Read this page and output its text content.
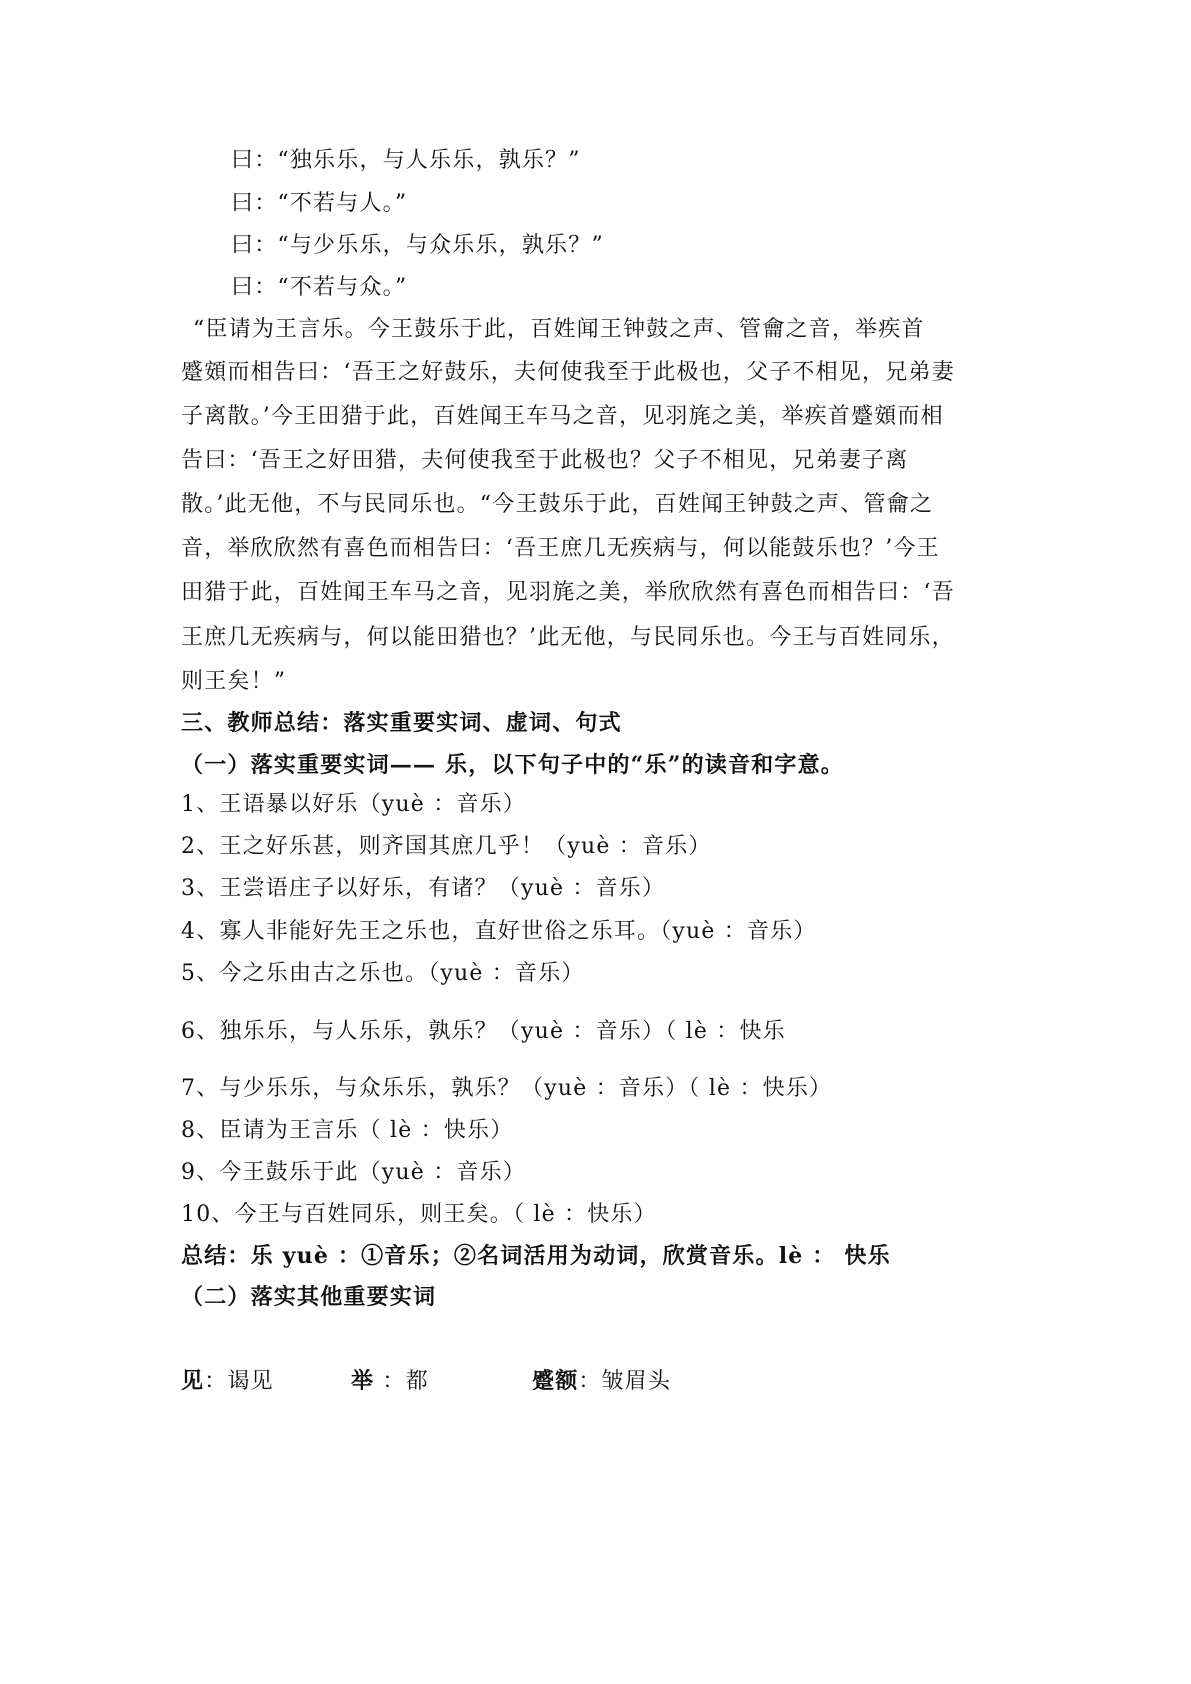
曰：“独乐乐，与人乐乐，孰乐？”
曰：“不若与人。”
曰：“与少乐乐，与众乐乐，孰乐？”
曰：“不若与众。”
“臣请为王言乐。今王鼓乐于此，百姓闻王钟鼓之声、管龠之音，举疾首
蹙頞而相告曰：‘吾王之好鼓乐，夫何使我至于此极也，父子不相见，兄弟妻
子离散。’今王田猎于此，百姓闻王车马之音，见羽旄之美，举疾首蹙頞而相
告曰：‘吾王之好田猎，夫何使我至于此极也？父子不相见，兄弟妻子离
散。’此无他，不与民同乐也。“今王鼓乐于此，百姓闻王钟鼓之声、管龠之
音，举欣欣然有喜色而相告曰：‘吾王庶几无疾病与，何以能鼓乐也？’今王
田猎于此，百姓闻王车马之音，见羽旄之美，举欣欣然有喜色而相告曰：‘吾
王庶几无疾病与，何以能田猎也？’此无他，与民同乐也。今王与百姓同乐，
则王矣！”
三、教师总结：落实重要实词、虚词、句式
（一）落实重要实词—— 乐，以下句子中的“乐”的读音和字意。
1、王语暴以好乐（yuè ：音乐）
2、王之好乐甚，则齐国其庶几乎！（yuè ：音乐）
3、王尝语庄子以好乐，有诸？（yuè ：音乐）
4、寡人非能好先王之乐也，直好世俗之乐耳。（yuè ：音乐）
5、今之乐由古之乐也。（yuè ：音乐）
6、独乐乐，与人乐乐，孰乐？（yuè ：音乐）（ lè ：快乐
7、与少乐乐，与众乐乐，孰乐？（yuè ：音乐）（ lè ：快乐）
8、臣请为王言乐（ lè ：快乐）
9、今王鼓乐于此（yuè ：音乐）
10、今王与百姓同乐，则王矣。（ lè ：快乐）
总结：乐 yuè ：①音乐；②名词活用为动词，欣赏音乐。lè ： 快乐
（二）落实其他重要实词
见：谒见	举 ：都	蹙额：皱眉头
